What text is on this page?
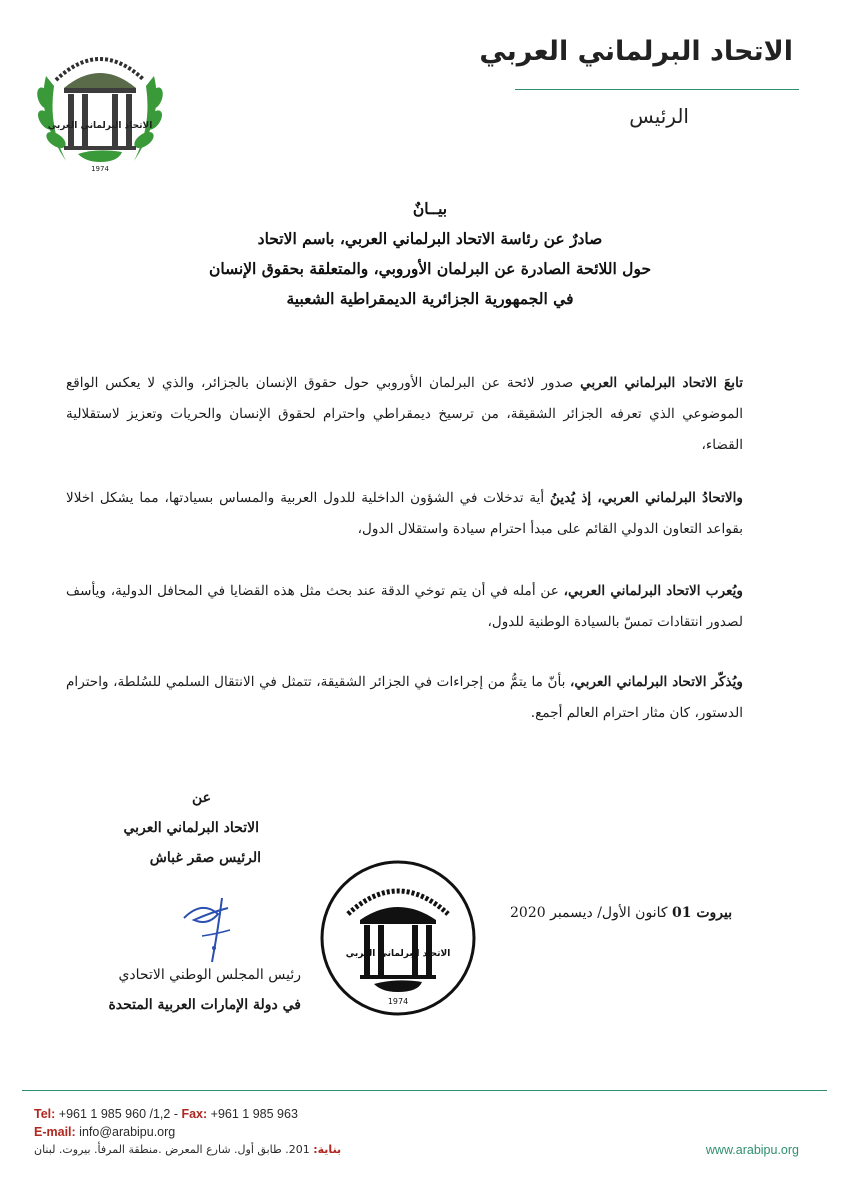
الاتحاد البرلماني العربي
الرئيس
الاتحاد البرلماني العربي
1974
بيــانٌ
صادرٌ عن رئاسة الاتحاد البرلماني العربي، باسم الاتحاد
حول اللائحة الصادرة عن البرلمان الأوروبي، والمتعلقة بحقوق الإنسان
في الجمهورية الجزائرية الديمقراطية الشعبية
تابعَ الاتحاد البرلماني العربي صدور لائحة عن البرلمان الأوروبي حول حقوق الإنسان بالجزائر، والذي لا يعكس الواقع الموضوعي الذي تعرفه الجزائر الشقيقة، من ترسيخ ديمقراطي واحترام لحقوق الإنسان والحريات وتعزيز لاستقلالية القضاء،
والاتحادُ البرلماني العربي، إذ يُدينُ أية تدخلات في الشؤون الداخلية للدول العربية والمساس بسيادتها، مما يشكل اخلالا بقواعد التعاون الدولي القائم على مبدأ احترام سيادة واستقلال الدول،
ويُعرب الاتحاد البرلماني العربي، عن أمله في أن يتم توخي الدقة عند بحث مثل هذه القضايا في المحافل الدولية، ويأسف لصدور انتقادات تمسّ بالسيادة الوطنية للدول،
ويُذكّر الاتحاد البرلماني العربي، بأنّ ما يتمُّ من إجراءات في الجزائر الشقيقة، تتمثل في الانتقال السلمي للسُلطة، واحترام الدستور، كان مثار احترام العالم أجمع.
عن
الاتحاد البرلماني العربي
الرئيس صقر غباش
رئيس المجلس الوطني الاتحادي
في دولة الإمارات العربية المتحدة
الاتحاد البرلماني العربي
1974
بيروت 01 كانون الأول/ ديسمبر 2020
Tel: +961 1 985 960 /1,2 - Fax: +961 1 985 963
E-mail: info@arabipu.org
بناية: 201. طابق أول. شارع المعرض .منطقة المرفأ. بيروت. لبنان	www.arabipu.org
